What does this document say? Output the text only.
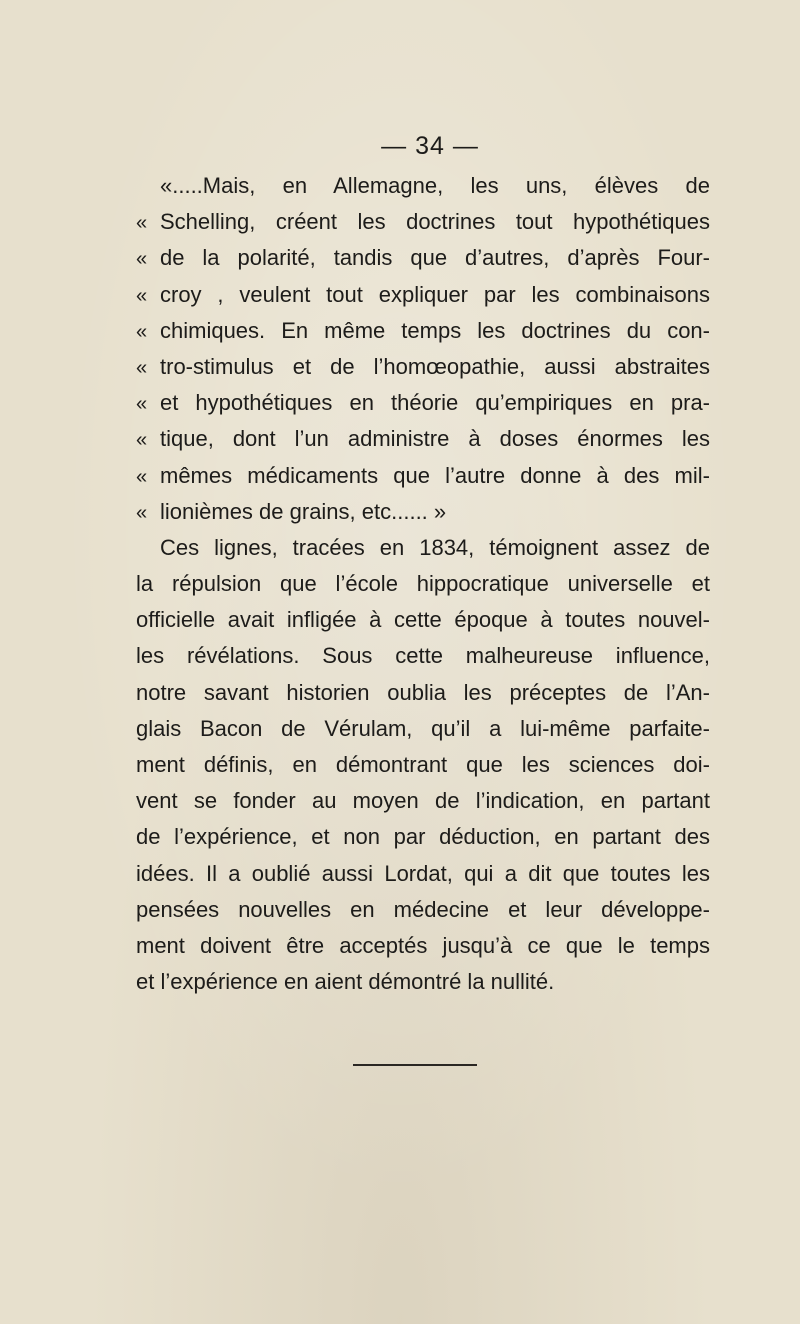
— 34 —
«.....Mais, en Allemagne, les uns, élèves de
« Schelling, créent les doctrines tout hypothétiques
« de la polarité, tandis que d’autres, d’après Four-
« croy , veulent tout expliquer par les combinaisons
« chimiques. En même temps les doctrines du con-
« tro-stimulus et de l’homœopathie, aussi abstraites
« et hypothétiques en théorie qu’empiriques en pra-
« tique, dont l’un administre à doses énormes les
« mêmes médicaments que l’autre donne à des mil-
« lionièmes de grains, etc...... »
Ces lignes, tracées en 1834, témoignent assez de
la répulsion que l’école hippocratique universelle et
officielle avait infligée à cette époque à toutes nouvel-
les révélations. Sous cette malheureuse influence,
notre savant historien oublia les préceptes de l’An-
glais Bacon de Vérulam, qu’il a lui-même parfaite-
ment définis, en démontrant que les sciences doi-
vent se fonder au moyen de l’indication, en partant
de l’expérience, et non par déduction, en partant des
idées. Il a oublié aussi Lordat, qui a dit que toutes les
pensées nouvelles en médecine et leur développe-
ment doivent être acceptés jusqu’à ce que le temps
et l’expérience en aient démontré la nullité.
